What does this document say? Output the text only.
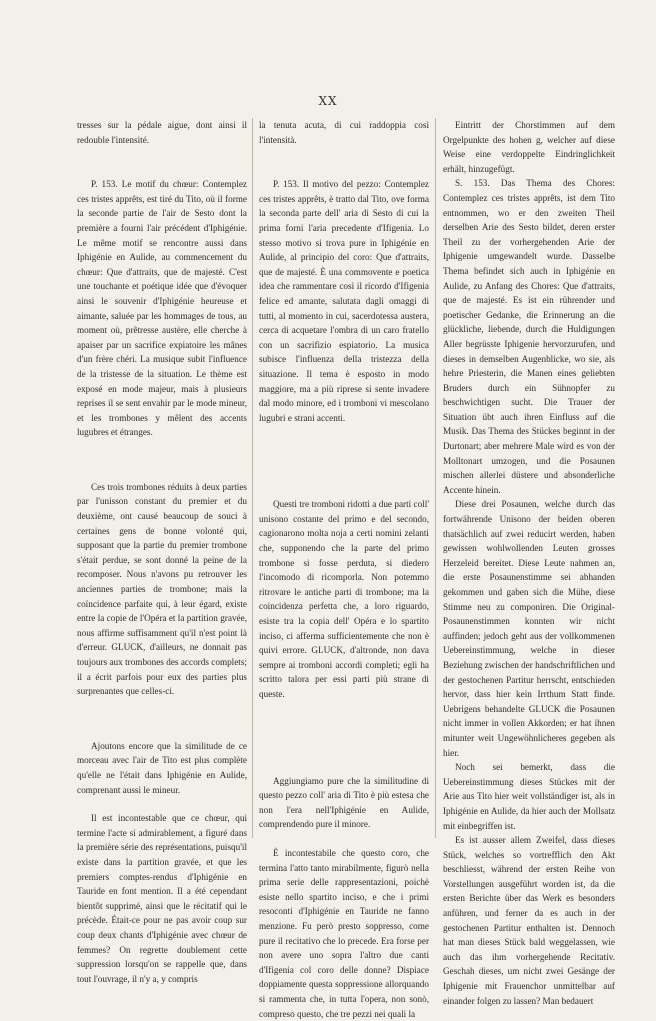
XX

tresses sur la pédale aigue, dont ainsi il redouble l'intensité.

P. 153. Le motif du chœur: Contemplez ces tristes apprêts, est tiré du Tito, où il forme la seconde partie de l'air de Sesto dont la première a fourni l'air précédent d'Iphigénie. Le même motif se rencontre aussi dans Iphigénie en Aulide, au commencement du chœur: Que d'attraits, que de majesté. C'est une touchante et poétique idée que d'évoquer ainsi le souvenir d'Iphigénie heureuse et aimante, saluée par les hommages de tous, au moment où, prêtresse austère, elle cherche à apaiser par un sacrifice expiatoire les mânes d'un frère chéri. La musique subit l'influence de la tristesse de la situation. Le thème est exposé en mode majeur, mais à plusieurs reprises il se sent envahir par le mode mineur, et les trombones y mêlent des accents lugubres et étranges.

Ces trois trombones réduits à deux parties par l'unisson constant du premier et du deuxième, ont causé beaucoup de souci à certaines gens de bonne volonté qui, supposant que la partie du premier trombone s'était perdue, se sont donné la peine de la recomposer. Nous n'avons pu retrouver les anciennes parties de trombone; mais la coïncidence parfaite qui, à leur égard, existe entre la copie de l'Opéra et la partition gravée, nous affirme suffisamment qu'il n'est point là d'erreur. GLUCK, d'ailleurs, ne donnait pas toujours aux trombones des accords complets; il a écrit parfois pour eux des parties plus surprenantes que celles-ci.

Ajoutons encore que la similitude de ce morceau avec l'air de Tito est plus complète qu'elle ne l'était dans Iphigénie en Aulide, comprenant aussi le mineur.

Il est incontestable que ce chœur, qui termine l'acte si admirablement, a figuré dans la première série des représentations, puisqu'il existe dans la partition gravée, et que les premiers comptes-rendus d'Iphigénie en Tauride en font mention. Il a été cependant bientôt supprimé, ainsi que le récitatif qui le précède. Était-ce pour ne pas avoir coup sur coup deux chants d'Iphigénie avec chœur de femmes? On regrette doublement cette suppression lorsqu'on se rappelle que, dans tout l'ouvrage, il n'y a, y compris

la tenuta acuta, di cui raddoppia così l'intensità.

P. 153. Il motivo del pezzo: Contemplez ces tristes apprêts, è tratto dal Tito, ove forma la seconda parte dell' aria di Sesto di cui la prima forni l'aria precedente d'Ifigenia. Lo stesso motivo si trova pure in Iphigénie en Aulide, al principio del coro: Que d'attraits, que de majesté. È una commovente e poetica idea che rammentare così il ricordo d'Ifigenia felice ed amante, salutata dagli omaggi di tutti, al momento in cui, sacerdotessa austera, cerca di acquetare l'ombra di un caro fratello con un sacrifizio espiatorio. La musica subisce l'influenza della tristezza della situazione. Il tema è esposto in modo maggiore, ma a più riprese si sente invadere dal modo minore, ed i tromboni vi mescolano lugubri e strani accenti.

Questi tre tromboni ridotti a due parti coll' unisono costante del primo e del secondo, cagionarono molta noja a certi nomini zelanti che, supponendo che la parte del primo trombone si fosse perduta, si diedero l'incomodo di ricomporla. Non potemmo ritrovare le antiche parti di trombone; ma la coincidenza perfetta che, a loro riguardo, esiste tra la copia dell' Opéra e lo spartito inciso, ci afferma sufficientemente che non è quivi errore. GLUCK, d'altronde, non dava sempre ai tromboni accordi completi; egli ha scritto talora per essi parti più strane di queste.

Aggiungiamo pure che la similitudine di questo pezzo coll' aria di Tito è più estesa che non l'era nell'Iphigénie en Aulide, comprendendo pure il minore.

È incontestabile che questo coro, che termina l'atto tanto mirabilmente, figurò nella prima serie delle rappresentazioni, poichè esiste nello spartito inciso, e che i primi resoconti d'Iphigénie en Tauride ne fanno menzione. Fu però presto soppresso, come pure il recitativo che lo precede. Era forse per non avere uno sopra l'altro due canti d'Ifigenia col coro delle donne? Dispiace doppiamente questa soppressione allorquando si rammenta che, in tutta l'opera, non sonò, compreso questo, che tre pezzi nei quali la

Eintritt der Chorstimmen auf dem Orgelpunkte des hohen g, welcher auf diese Weise eine verdoppelte Eindringlichkeit erhält, hinzugefügt.

S. 153. Das Thema des Chores: Contemplez ces tristes apprêts, ist dem Tito entnommen, wo er den zweiten Theil derselben Arie des Sesto bildet, deren erster Theil zu der vorhergehenden Arie der Iphigenie umgewandelt wurde. Dasselbe Thema befindet sich auch in Iphigénie en Aulide, zu Anfang des Chores: Que d'attraits, que de majesté. Es ist ein rührender und poetischer Gedanke, die Erinnerung an die glückliche, liebende, durch die Huldigungen Aller begrüsste Iphigenie hervorzurufen, und dieses in demselben Augenblicke, wo sie, als hehre Priesterin, die Manen eines geliebten Bruders durch ein Sühnopfer zu beschwichtigen sucht. Die Trauer der Situation übt auch ihren Einfluss auf die Musik. Das Thema des Stückes beginnt in der Durtonart; aber mehrere Male wird es von der Molltonart umzogen, und die Posaunen mischen allerlei düstere und absonderliche Accente hinein.

Diese drei Posaunen, welche durch das fortwährende Unisono der beiden oberen thatsächlich auf zwei reducirt werden, haben gewissen wohlwollenden Leuten grosses Herzeleid bereitet. Diese Leute nahmen an, die erste Posaunenstimme sei abhanden gekommen und gaben sich die Mühe, diese Stimme neu zu componiren. Die Original-Posaunenstimmen konnten wir nicht auffinden; jedoch geht aus der vollkommenen Uebereinstimmung, welche in dieser Beziehung zwischen der handschriftlichen und der gestochenen Partitur herrscht, entschieden hervor, dass hier kein Irrthum Statt finde. Uebrigens behandelte GLUCK die Posaunen nicht immer in vollen Akkorden; er hat ihnen mitunter weit Ungewöhnlicheres gegeben als hier.

Noch sei bemerkt, dass die Uebereinstimmung dieses Stückes mit der Arie aus Tito hier weit vollständiger ist, als in Iphigénie en Aulide, da hier auch der Mollsatz mit einbegriffen ist.

Es ist ausser allem Zweifel, dass dieses Stück, welches so vortrefflich den Akt beschliesst, während der ersten Reihe von Vorstellungen ausgeführt worden ist, da die ersten Berichte über das Werk es besonders anführen, und ferner da es auch in der gestochenen Partitur enthalten ist. Dennoch hat man dieses Stück bald weggelassen, wie auch das ihm vorhergehende Recitativ. Geschah dieses, um nicht zwei Gesänge der Iphigenie mit Frauenchor unmittelbar auf einander folgen zu lassen? Man bedauert
